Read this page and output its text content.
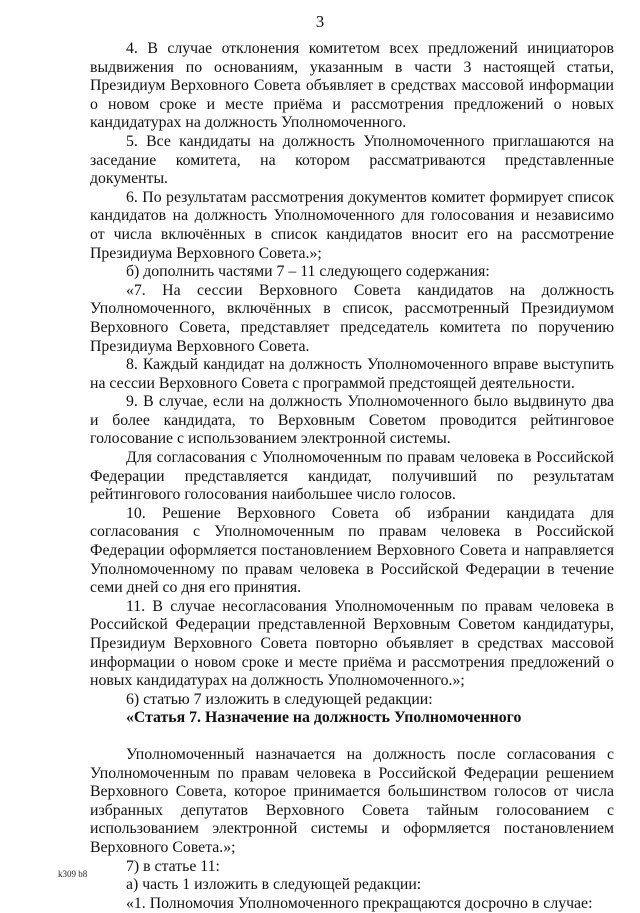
3

4. В случае отклонения комитетом всех предложений инициаторов выдвижения по основаниям, указанным в части 3 настоящей статьи, Президиум Верховного Совета объявляет в средствах массовой информации о новом сроке и месте приёма и рассмотрения предложений о новых кандидатурах на должность Уполномоченного.

5. Все кандидаты на должность Уполномоченного приглашаются на заседание комитета, на котором рассматриваются представленные документы.

6. По результатам рассмотрения документов комитет формирует список кандидатов на должность Уполномоченного для голосования и независимо от числа включённых в список кандидатов вносит его на рассмотрение Президиума Верховного Совета.»;

б) дополнить частями 7 – 11 следующего содержания:

«7. На сессии Верховного Совета кандидатов на должность Уполномоченного, включённых в список, рассмотренный Президиумом Верховного Совета, представляет председатель комитета по поручению Президиума Верховного Совета.

8. Каждый кандидат на должность Уполномоченного вправе выступить на сессии Верховного Совета с программой предстоящей деятельности.

9. В случае, если на должность Уполномоченного было выдвинуто два и более кандидата, то Верховным Советом проводится рейтинговое голосование с использованием электронной системы.

Для согласования с Уполномоченным по правам человека в Российской Федерации представляется кандидат, получивший по результатам рейтингового голосования наибольшее число голосов.

10. Решение Верховного Совета об избрании кандидата для согласования с Уполномоченным по правам человека в Российской Федерации оформляется постановлением Верховного Совета и направляется Уполномоченному по правам человека в Российской Федерации в течение семи дней со дня его принятия.

11. В случае несогласования Уполномоченным по правам человека в Российской Федерации представленной Верховным Советом кандидатуры, Президиум Верховного Совета повторно объявляет в средствах массовой информации о новом сроке и месте приёма и рассмотрения предложений о новых кандидатурах на должность Уполномоченного.»;

6) статью 7 изложить в следующей редакции:

«Статья 7. Назначение на должность Уполномоченного

Уполномоченный назначается на должность после согласования с Уполномоченным по правам человека в Российской Федерации решением Верховного Совета, которое принимается большинством голосов от числа избранных депутатов Верховного Совета тайным голосованием с использованием электронной системы и оформляется постановлением Верховного Совета.»;

7) в статье 11:

а) часть 1 изложить в следующей редакции:

«1. Полномочия Уполномоченного прекращаются досрочно в случае:

k309 b8
